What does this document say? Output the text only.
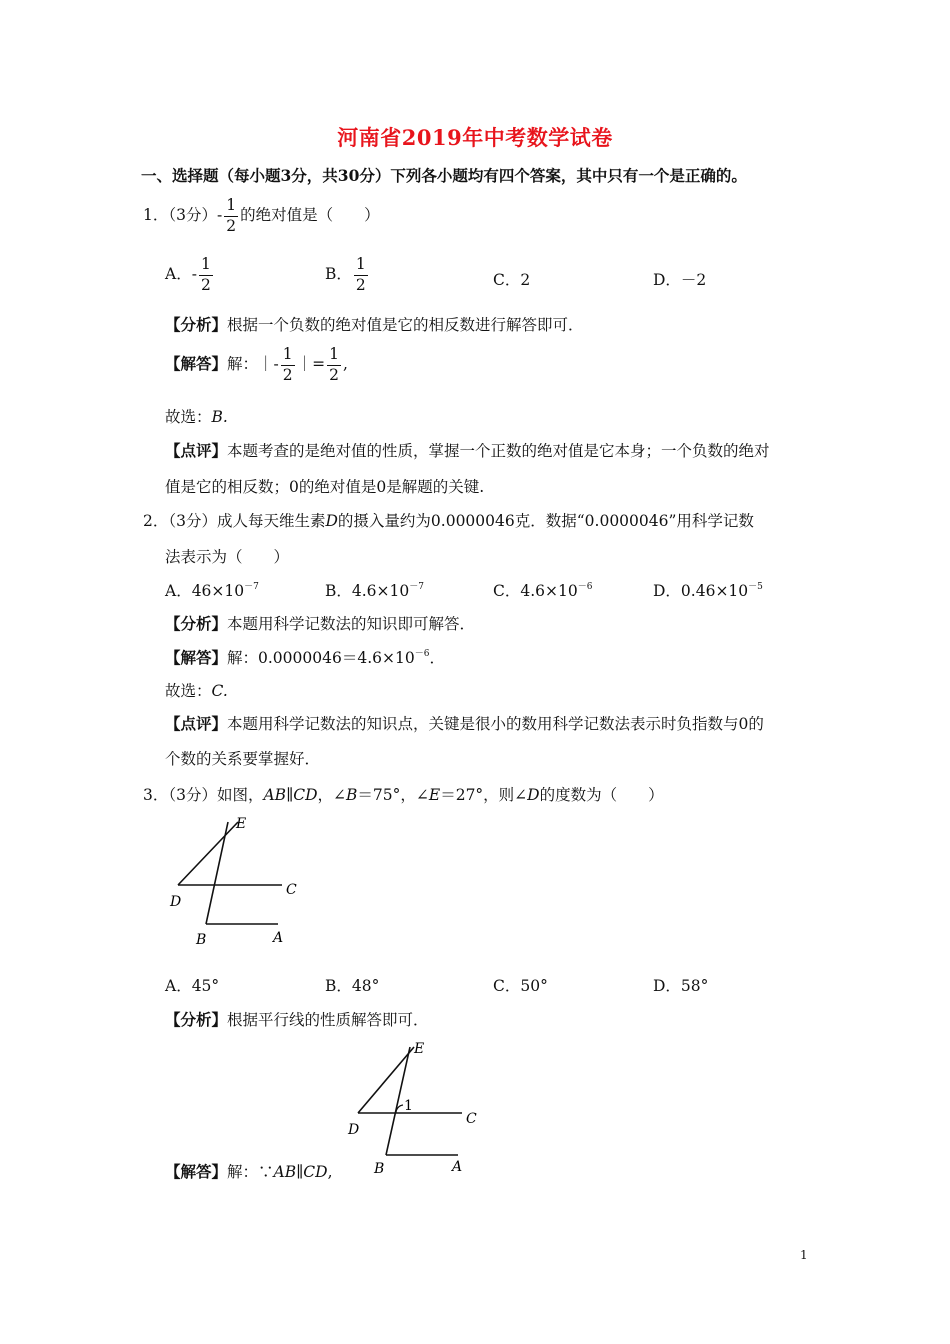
河南省2019年中考数学试卷
一、选择题（每小题3分，共30分）下列各小题均有四个答案，其中只有一个是正确的。
1．（3分）- $\frac{1}{2}$ 的绝对值是（　　）
A．- $\frac{1}{2}$	B． $\frac{1}{2}$	C．2	D．－2
【分析】根据一个负数的绝对值是它的相反数进行解答即可．
【解答】解：｜- $\frac{1}{2}$ ｜= $\frac{1}{2}$ ,
故选：B.
【点评】本题考查的是绝对值的性质，掌握一个正数的绝对值是它本身；一个负数的绝对
值是它的相反数；0的绝对值是0是解题的关键.
2．（3分）成人每天维生素D的摄入量约为0.0000046克．数据“0.0000046”用科学记数
法表示为（　　）
A．$46\times 10^{-7}$	B．$4.6\times 10^{-7}$	C．$4.6\times 10^{-6}$	D．$0.46\times 10^{-5}$
【分析】本题用科学记数法的知识即可解答．
【解答】解：$0.0000046=4.6\times 10^{-6}$．
故选：C.
【点评】本题用科学记数法的知识点，关键是很小的数用科学记数法表示时负指数与0的
个数的关系要掌握好．
3．（3分）如图，AB∥CD，∠B＝75°，∠E＝27°，则∠D的度数为（　　）
E
C
D
B	A
A．45°	B．48°	C．50°	D．58°
【分析】根据平行线的性质解答即可．
E
1
C
D
B	A
【解答】解：∵AB∥CD,
1
